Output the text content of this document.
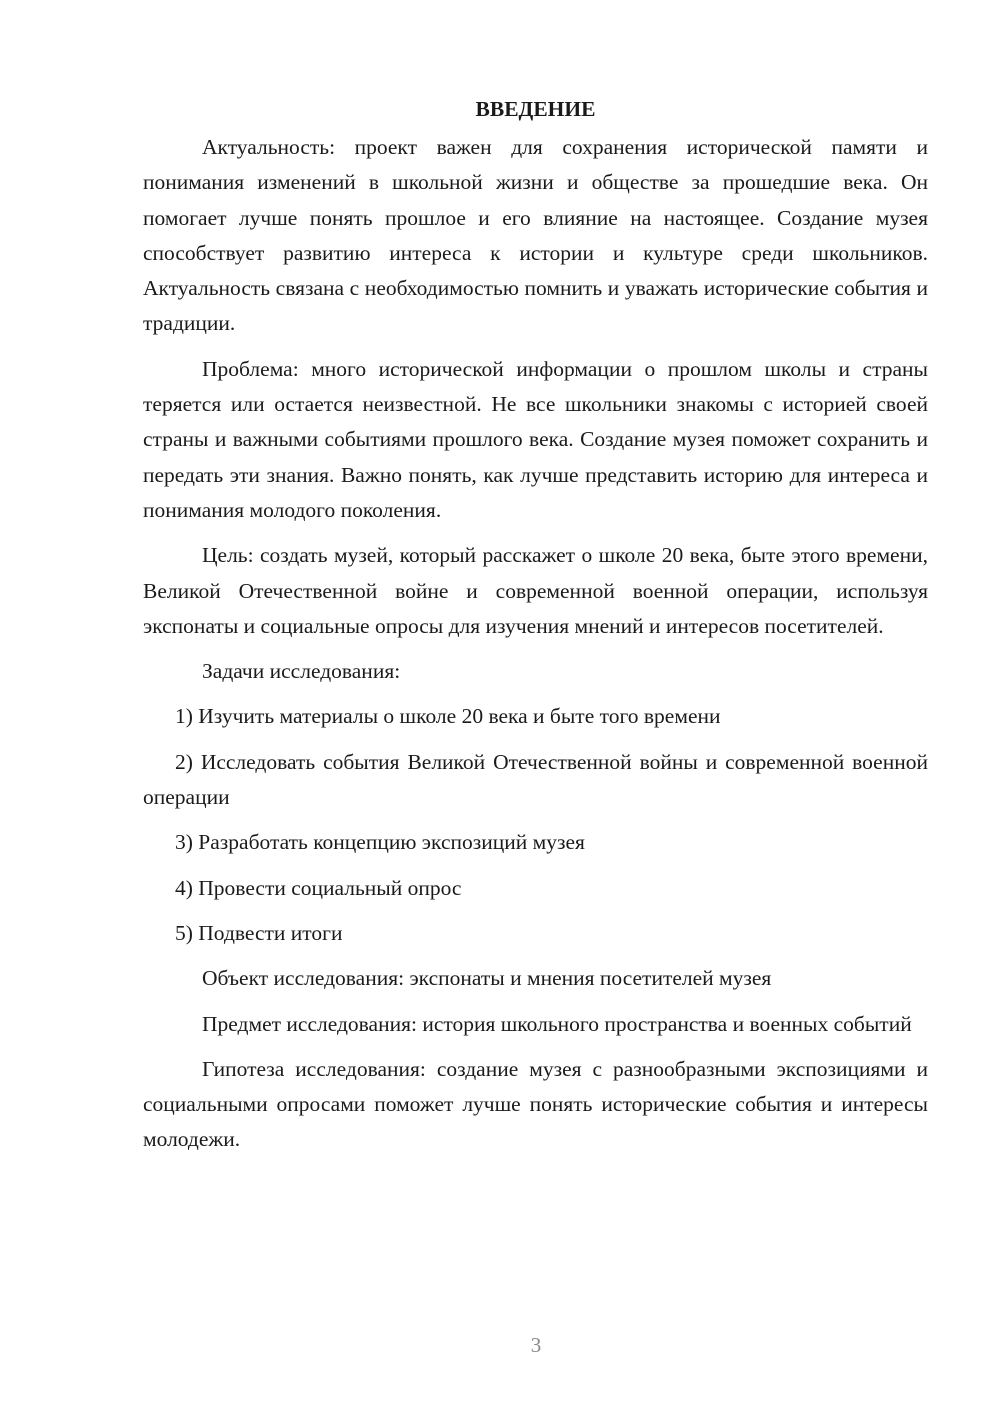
ВВЕДЕНИЕ

Актуальность: проект важен для сохранения исторической памяти и понимания изменений в школьной жизни и обществе за прошедшие века. Он помогает лучше понять прошлое и его влияние на настоящее. Создание музея способствует развитию интереса к истории и культуре среди школьников. Актуальность связана с необходимостью помнить и уважать исторические события и традиции.

Проблема: много исторической информации о прошлом школы и страны теряется или остается неизвестной. Не все школьники знакомы с историей своей страны и важными событиями прошлого века. Создание музея поможет сохранить и передать эти знания. Важно понять, как лучше представить историю для интереса и понимания молодого поколения.

Цель: создать музей, который расскажет о школе 20 века, быте этого времени, Великой Отечественной войне и современной военной операции, используя экспонаты и социальные опросы для изучения мнений и интересов посетителей.

Задачи исследования:

1) Изучить материалы о школе 20 века и быте того времени

2) Исследовать события Великой Отечественной войны и современной военной операции

3) Разработать концепцию экспозиций музея

4) Провести социальный опрос

5) Подвести итоги

Объект исследования: экспонаты и мнения посетителей музея

Предмет исследования: история школьного пространства и военных событий

Гипотеза исследования: создание музея с разнообразными экспозициями и социальными опросами поможет лучше понять исторические события и интересы молодежи.

3
